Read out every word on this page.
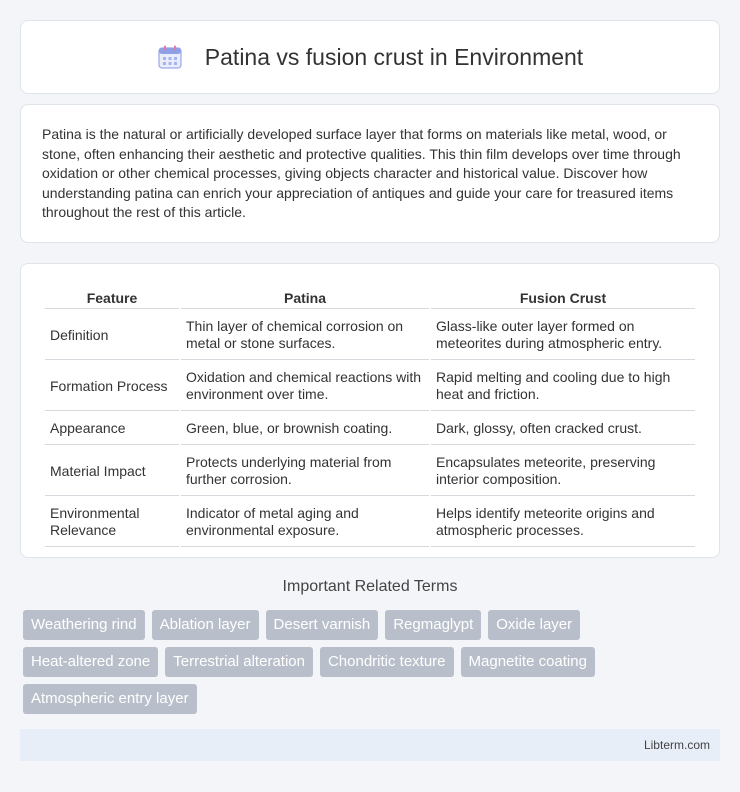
Patina vs fusion crust in Environment

Patina is the natural or artificially developed surface layer that forms on materials like metal, wood, or stone, often enhancing their aesthetic and protective qualities. This thin film develops over time through oxidation or other chemical processes, giving objects character and historical value. Discover how understanding patina can enrich your appreciation of antiques and guide your care for treasured items throughout the rest of this article.

Feature	Patina	Fusion Crust
Definition	Thin layer of chemical corrosion on metal or stone surfaces.	Glass-like outer layer formed on meteorites during atmospheric entry.
Formation Process	Oxidation and chemical reactions with environment over time.	Rapid melting and cooling due to high heat and friction.
Appearance	Green, blue, or brownish coating.	Dark, glossy, often cracked crust.
Material Impact	Protects underlying material from further corrosion.	Encapsulates meteorite, preserving interior composition.
Environmental Relevance	Indicator of metal aging and environmental exposure.	Helps identify meteorite origins and atmospheric processes.
Important Related Terms
Weathering rind	Ablation layer	Desert varnish	Regmaglypt	Oxide layer
Heat-altered zone	Terrestrial alteration	Chondritic texture	Magnetite coating
Atmospheric entry layer
Libterm.com
